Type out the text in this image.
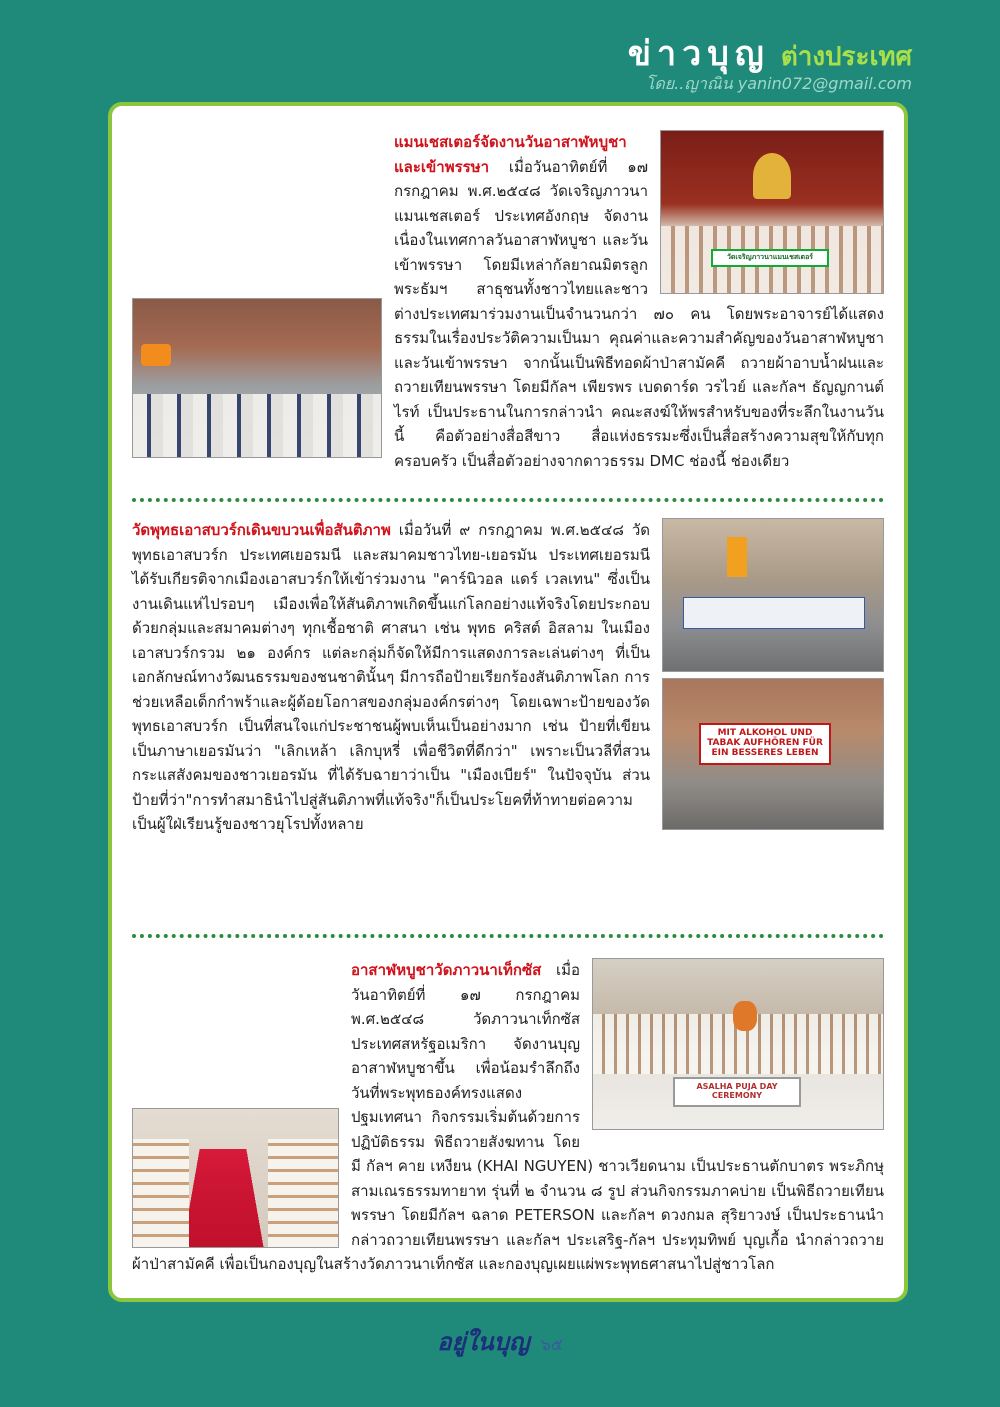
ข่าวบุญ ต่างประเทศ
โดย..ญาณิน yanin072@gmail.com

วัดเจริญภาวนาแมนเชสเตอร์
แมนเชสเตอร์จัดงานวันอาสาฬหบูชาและเข้าพรรษา เมื่อวันอาทิตย์ที่ ๑๗ กรกฎาคม พ.ศ.๒๕๔๘ วัดเจริญภาวนาแมนเชสเตอร์ ประเทศอังกฤษ จัดงานเนื่องในเทศกาลวันอาสาฬหบูชา และวันเข้าพรรษา โดยมีเหล่ากัลยาณมิตรลูกพระธัมฯ สาธุชนทั้งชาวไทยและชาวต่างประเทศมาร่วมงานเป็นจำนวนกว่า ๗๐ คน โดยพระอาจารย์ได้แสดงธรรมในเรื่องประวัติความเป็นมา คุณค่าและความสำคัญของวันอาสาฬหบูชาและวันเข้าพรรษา จากนั้นเป็นพิธีทอดผ้าป่าสามัคคี ถวายผ้าอาบน้ำฝนและถวายเทียนพรรษา โดยมีกัลฯ เพียรพร เบดดาร์ด วรไวย์ และกัลฯ ธัญญกานต์ ไรท์ เป็นประธานในการกล่าวนำ คณะสงฆ์ให้พรสำหรับของที่ระลึกในงานวันนี้ คือตัวอย่างสื่อสีขาว สื่อแห่งธรรมะซึ่งเป็นสื่อสร้างความสุขให้กับทุกครอบครัว เป็นสื่อตัวอย่างจากดาวธรรม DMC ช่องนี้ ช่องเดียว

MIT ALKOHOL UND TABAK AUFHÖREN FÜR EIN BESSERES LEBEN
วัดพุทธเอาสบวร์กเดินขบวนเพื่อสันติภาพ เมื่อวันที่ ๙ กรกฎาคม พ.ศ.๒๕๔๘ วัดพุทธเอาสบวร์ก ประเทศเยอรมนี และสมาคมชาวไทย-เยอรมัน ประเทศเยอรมนี ได้รับเกียรติจากเมืองเอาสบวร์กให้เข้าร่วมงาน "คาร์นิวอล แดร์ เวลเทน" ซึ่งเป็นงานเดินแห่ไปรอบๆ เมืองเพื่อให้สันติภาพเกิดขึ้นแก่โลกอย่างแท้จริงโดยประกอบด้วยกลุ่มและสมาคมต่างๆ ทุกเชื้อชาติ ศาสนา เช่น พุทธ คริสต์ อิสลาม ในเมืองเอาสบวร์กรวม ๒๑ องค์กร แต่ละกลุ่มก็จัดให้มีการแสดงการละเล่นต่างๆ ที่เป็นเอกลักษณ์ทางวัฒนธรรมของชนชาตินั้นๆ มีการถือป้ายเรียกร้องสันติภาพโลก การช่วยเหลือเด็กกำพร้าและผู้ด้อยโอกาสของกลุ่มองค์กรต่างๆ โดยเฉพาะป้ายของวัดพุทธเอาสบวร์ก เป็นที่สนใจแก่ประชาชนผู้พบเห็นเป็นอย่างมาก เช่น ป้ายที่เขียนเป็นภาษาเยอรมันว่า "เลิกเหล้า เลิกบุหรี่ เพื่อชีวิตที่ดีกว่า" เพราะเป็นวลีที่สวนกระแสสังคมของชาวเยอรมัน ที่ได้รับฉายาว่าเป็น "เมืองเบียร์" ในปัจจุบัน ส่วนป้ายที่ว่า"การทำสมาธินำไปสู่สันติภาพที่แท้จริง"ก็เป็นประโยคที่ท้าทายต่อความเป็นผู้ใฝ่เรียนรู้ของชาวยุโรปทั้งหลาย

ASALHA PUJA DAY CEREMONY
อาสาฬหบูชาวัดภาวนาเท็กซัส เมื่อวันอาทิตย์ที่ ๑๗ กรกฎาคม พ.ศ.๒๕๔๘ วัดภาวนาเท็กซัส ประเทศสหรัฐอเมริกา จัดงานบุญอาสาฬหบูชาขึ้น เพื่อน้อมรำลึกถึงวันที่พระพุทธองค์ทรงแสดงปฐมเทศนา กิจกรรมเริ่มต้นด้วยการปฏิบัติธรรม พิธีถวายสังฆทาน โดยมี กัลฯ คาย เหงียน (KHAI NGUYEN) ชาวเวียดนาม เป็นประธานตักบาตร พระภิกษุสามเณรธรรมทายาท รุ่นที่ ๒ จำนวน ๘ รูป ส่วนกิจกรรมภาคบ่าย เป็นพิธีถวายเทียนพรรษา โดยมีกัลฯ ฉลาด PETERSON และกัลฯ ดวงกมล สุริยาวงษ์ เป็นประธานนำกล่าวถวายเทียนพรรษา และกัลฯ ประเสริฐ-กัลฯ ประทุมทิพย์ บุญเกื้อ นำกล่าวถวายผ้าป่าสามัคคี เพื่อเป็นกองบุญในสร้างวัดภาวนาเท็กซัส และกองบุญเผยแผ่พระพุทธศาสนาไปสู่ชาวโลก

อยู่ในบุญ ๖๕
